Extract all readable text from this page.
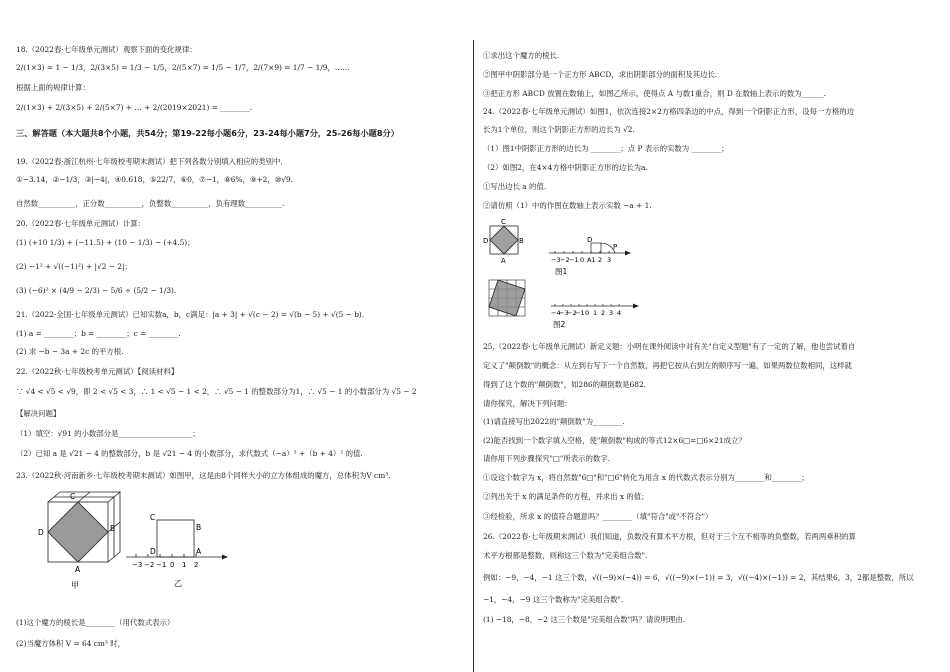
18.（2022春·七年级单元测试）观察下面的变化规律：
2/(1×3) = 1 − 1/3，2/(3×5) = 1/3 − 1/5，2/(5×7) = 1/5 − 1/7，2/(7×9) = 1/7 − 1/9，……
根据上面的规律计算：
2/(1×3) + 2/(3×5) + 2/(5×7) + … + 2/(2019×2021) = ________.
三、解答题（本大题共8个小题，共54分；第19-22每小题6分，23-24每小题7分，25-26每小题8分）
19.（2022春·浙江杭州·七年级校考期末测试）把下列各数分别填入相应的类别中.
①−3.14，②−1/3，③|−4|，④0.618，⑤22/7，⑥0，⑦−1，⑧6%，⑨+2，⑩√9.
自然数__________，正分数__________，负整数__________，负有理数__________.
20.（2022春·七年级单元测试）计算：
(1) (+10 1/3) + (−11.5) + (10 − 1/3) − (+4.5)；
(2) −1² + √((−1)²) + |√2 − 2|；
(3) (−6)² × (4/9 − 2/3) − 5/6 ÷ (5/2 − 1/3).
21.（2022·全国·七年级单元测试）已知实数a，b，c满足：|a + 3| + √(c − 2) = √(b − 5) + √(5 − b).
(1) a = ________；b = ________；c = ________.
(2) 求 −b − 3a + 2c 的平方根.
22.（2022秋·七年级校考单元测试）【阅读材料】
∵ √4 < √5 < √9，即 2 < √5 < 3，∴ 1 < √5 − 1 < 2，∴ √5 − 1 的整数部分为1，∴ √5 − 1 的小数部分为 √5 − 2
【解决问题】
（1）填空：√91 的小数部分是____________________；
（2）已知 a 是 √21 − 4 的整数部分，b 是 √21 − 4 的小数部分，求代数式（−a）³ +（b + 4）² 的值.
23.（2022秋·河南新乡·七年级校考期末测试）如图甲，这是由8个同样大小的立方体组成的魔方，总体积为V cm³.
C
B
D
A
甲
−3 −2 −1 0 1 2
C
B
D	A
乙
(1)这个魔方的棱长是________（用代数式表示）
(2)当魔方体积 V = 64 cm³ 时，
①求出这个魔方的棱长.
②图甲中阴影部分是一个正方形 ABCD，求出阴影部分的面积及其边长.
③把正方形 ABCD 放置在数轴上，如图乙所示，使得点 A 与数1重合，则 D 在数轴上表示的数为______.
24.（2022春·七年级单元测试）如图1，依次连接2×2方格四条边的中点，得到一个阴影正方形，设每一方格的边
长为1个单位，则这个阴影正方形的边长为 √2.
（1）图1中阴影正方形的边长为 ________；点 P 表示的实数为 ________；
（2）如图2，在4×4方格中阴影正方形的边长为a.
①写出边长 a 的值.
②请仿照（1）中的作图在数轴上表示实数 −a + 1.
C
D	B
A	−3 −2 −1 0 A1 2 3
D
P
图1
−4
−3
−2
−1 0 1 2 3 4
图2
25.（2022春·七年级单元测试）新定义题：小明在课外阅读中对有关"自定义型题"有了一定的了解，他也尝试着自
定义了"颠倒数"的概念：从左到右写下一个自然数，再把它按从右到左的顺序写一遍，如果两数位数相同，这样就
得到了这个数的"颠倒数"，如286的颠倒数是682.
请你探究，解决下列问题：
(1)请直接写出2022的"颠倒数"为________.
(2)能否找到一个数字填入空格，使"颠倒数"构成的等式12×6□=□6×21成立？
请你用下列步骤探究"□"所表示的数字.
①设这个数字为 x，将自然数"6□"和"□6"转化为用含 x 的代数式表示分别为________和________；
②列出关于 x 的满足条件的方程，并求出 x 的值；
③经检验，所求 x 的值符合题意吗？________（填"符合"或"不符合"）
26.（2022春·七年级期末测试）我们知道，负数没有算术平方根，但对于三个互不相等的负整数，若两两乘积的算
术平方根都是整数，则称这三个数为"完美组合数".
例如：−9，−4，−1 这三个数，√((−9)×(−4)) = 6，√((−9)×(−1)) = 3，√((−4)×(−1)) = 2，其结果6，3，2都是整数，所以
−1，−4，−9 这三个数称为"完美组合数".
(1) −18，−8，−2 这三个数是"完美组合数"吗？请说明理由.
